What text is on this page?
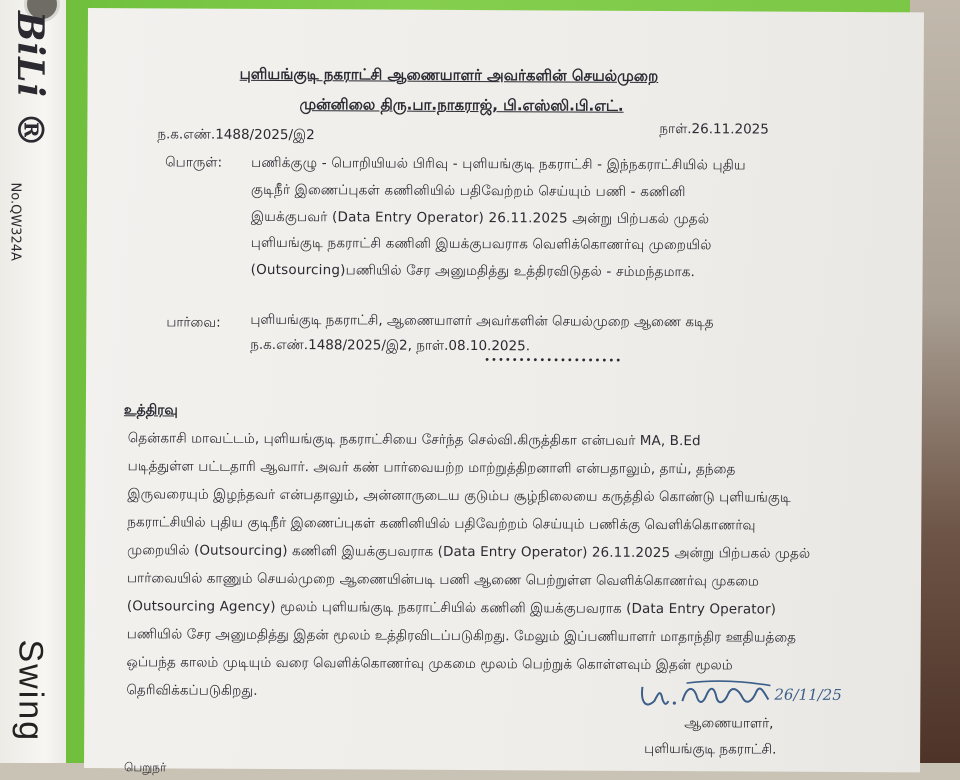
BiLi ®
No.QW324A
Swing
புளியங்குடி நகராட்சி ஆணையாளர் அவர்களின் செயல்முறை
முன்னிலை திரு.பா.நாகராஜ், பி.எஸ்ஸி.பி.எட்.
ந.க.எண்.1488/2025/இ2	நாள்.26.11.2025
பொருள்: பணிக்குழு - பொறியியல் பிரிவு - புளியங்குடி நகராட்சி - இந்நகராட்சியில் புதிய
குடிநீர் இணைப்புகள் கணினியில் பதிவேற்றம் செய்யும் பணி - கணினி
இயக்குபவர் (Data Entry Operator) 26.11.2025 அன்று பிற்பகல் முதல்
புளியங்குடி நகராட்சி கணினி இயக்குபவராக வெளிக்கொணர்வு முறையில்
(Outsourcing)பணியில் சேர அனுமதித்து உத்திரவிடுதல் - சம்மந்தமாக.
பார்வை: புளியங்குடி நகராட்சி, ஆணையாளர் அவர்களின் செயல்முறை ஆணை கடித
ந.க.எண்.1488/2025/இ2, நாள்.08.10.2025.
••••••••••••••••••••
உத்திரவு
தென்காசி மாவட்டம், புளியங்குடி நகராட்சியை சேர்ந்த செல்வி.கிருத்திகா என்பவர் MA, B.Ed
படித்துள்ள பட்டதாரி ஆவார். அவர் கண் பார்வையற்ற மாற்றுத்திறனாளி என்பதாலும், தாய், தந்தை
இருவரையும் இழந்தவர் என்பதாலும், அன்னாருடைய குடும்ப சூழ்நிலையை கருத்தில் கொண்டு புளியங்குடி
நகராட்சியில் புதிய குடிநீர் இணைப்புகள் கணினியில் பதிவேற்றம் செய்யும் பணிக்கு வெளிக்கொணர்வு
முறையில் (Outsourcing) கணினி இயக்குபவராக (Data Entry Operator) 26.11.2025 அன்று பிற்பகல் முதல்
பார்வையில் காணும் செயல்முறை ஆணையின்படி பணி ஆணை பெற்றுள்ள வெளிக்கொணர்வு முகமை
(Outsourcing Agency) மூலம் புளியங்குடி நகராட்சியில் கணினி இயக்குபவராக (Data Entry Operator)
பணியில் சேர அனுமதித்து இதன் மூலம் உத்திரவிடப்படுகிறது. மேலும் இப்பணியாளர் மாதாந்திர ஊதியத்தை
ஒப்பந்த காலம் முடியும் வரை வெளிக்கொணர்வு முகமை மூலம் பெற்றுக் கொள்ளவும் இதன் மூலம்
தெரிவிக்கப்படுகிறது.	26/11/25
ஆணையாளர்,
புளியங்குடி நகராட்சி.
பெறுநர்
